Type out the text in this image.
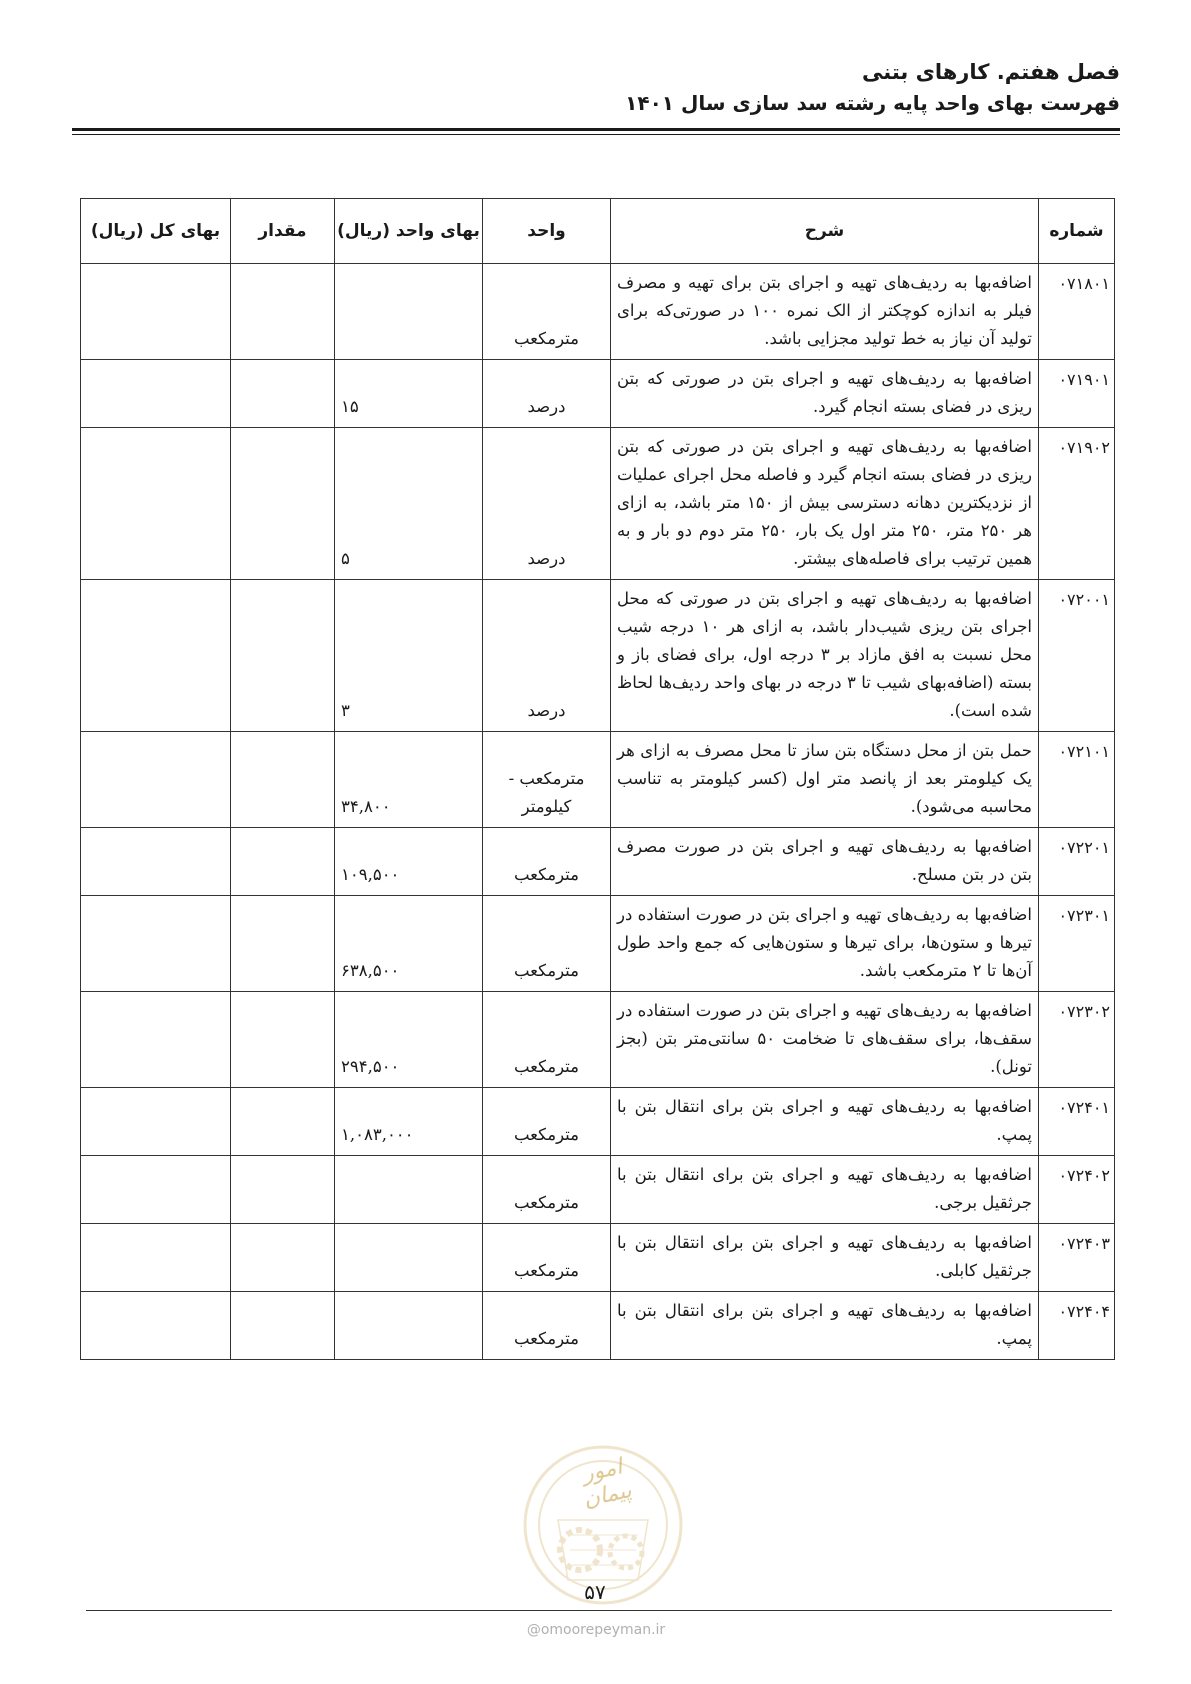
فصل هفتم. کارهای بتنی

فهرست بهای واحد پایه رشته سد سازی سال ۱۴۰۱

شماره	شرح	واحد	بهای واحد (ریال)	مقدار	بهای کل (ریال)
۰۷۱۸۰۱	اضافه‌بها به ردیف‌های تهیه و اجرای بتن برای تهیه و مصرف فیلر به اندازه کوچکتر از الک نمره ۱۰۰ در صورتی‌که برای تولید آن نیاز به خط تولید مجزایی باشد.	مترمکعب			
۰۷۱۹۰۱	اضافه‌بها به ردیف‌های تهیه و اجرای بتن در صورتی که بتن ریزی در فضای بسته انجام گیرد.	درصد	۱۵		
۰۷۱۹۰۲	اضافه‌بها به ردیف‌های تهیه و اجرای بتن در صورتی که بتن ریزی در فضای بسته انجام گیرد و فاصله محل اجرای عملیات از نزدیکترین دهانه دسترسی بیش از ۱۵۰ متر باشد، به ازای هر ۲۵۰ متر، ۲۵۰ متر اول یک بار، ۲۵۰ متر دوم دو بار و به همین ترتیب برای فاصله‌های بیشتر.	درصد	۵		
۰۷۲۰۰۱	اضافه‌بها به ردیف‌های تهیه و اجرای بتن در صورتی که محل اجرای بتن ریزی شیب‌دار باشد، به ازای هر ۱۰ درجه شیب محل نسبت به افق مازاد بر ۳ درجه اول، برای فضای باز و بسته (اضافه‌بهای شیب تا ۳ درجه در بهای واحد ردیف‌ها لحاظ شده است).	درصد	۳		
۰۷۲۱۰۱	حمل بتن از محل دستگاه بتن ساز تا محل مصرف به ازای هر یک کیلومتر بعد از پانصد متر اول (کسر کیلومتر به تناسب محاسبه می‌شود).	مترمکعب - کیلومتر	۳۴,۸۰۰		
۰۷۲۲۰۱	اضافه‌بها به ردیف‌های تهیه و اجرای بتن در صورت مصرف بتن در بتن مسلح.	مترمکعب	۱۰۹,۵۰۰		
۰۷۲۳۰۱	اضافه‌بها به ردیف‌های تهیه و اجرای بتن در صورت استفاده در تیرها و ستون‌ها، برای تیرها و ستون‌هایی که جمع واحد طول آن‌ها تا ۲ مترمکعب باشد.	مترمکعب	۶۳۸,۵۰۰		
۰۷۲۳۰۲	اضافه‌بها به ردیف‌های تهیه و اجرای بتن در صورت استفاده در سقف‌ها، برای سقف‌های تا ضخامت ۵۰ سانتی‌متر بتن (بجز تونل).	مترمکعب	۲۹۴,۵۰۰		
۰۷۲۴۰۱	اضافه‌بها به ردیف‌های تهیه و اجرای بتن برای انتقال بتن با پمپ.	مترمکعب	۱,۰۸۳,۰۰۰		
۰۷۲۴۰۲	اضافه‌بها به ردیف‌های تهیه و اجرای بتن برای انتقال بتن با جرثقیل برجی.	مترمکعب			
۰۷۲۴۰۳	اضافه‌بها به ردیف‌های تهیه و اجرای بتن برای انتقال بتن با جرثقیل کابلی.	مترمکعب			
۰۷۲۴۰۴	اضافه‌بها به ردیف‌های تهیه و اجرای بتن برای انتقال بتن با پمپ.	مترمکعب			
امور پیمان
۵۷
@omoorepeyman.ir
